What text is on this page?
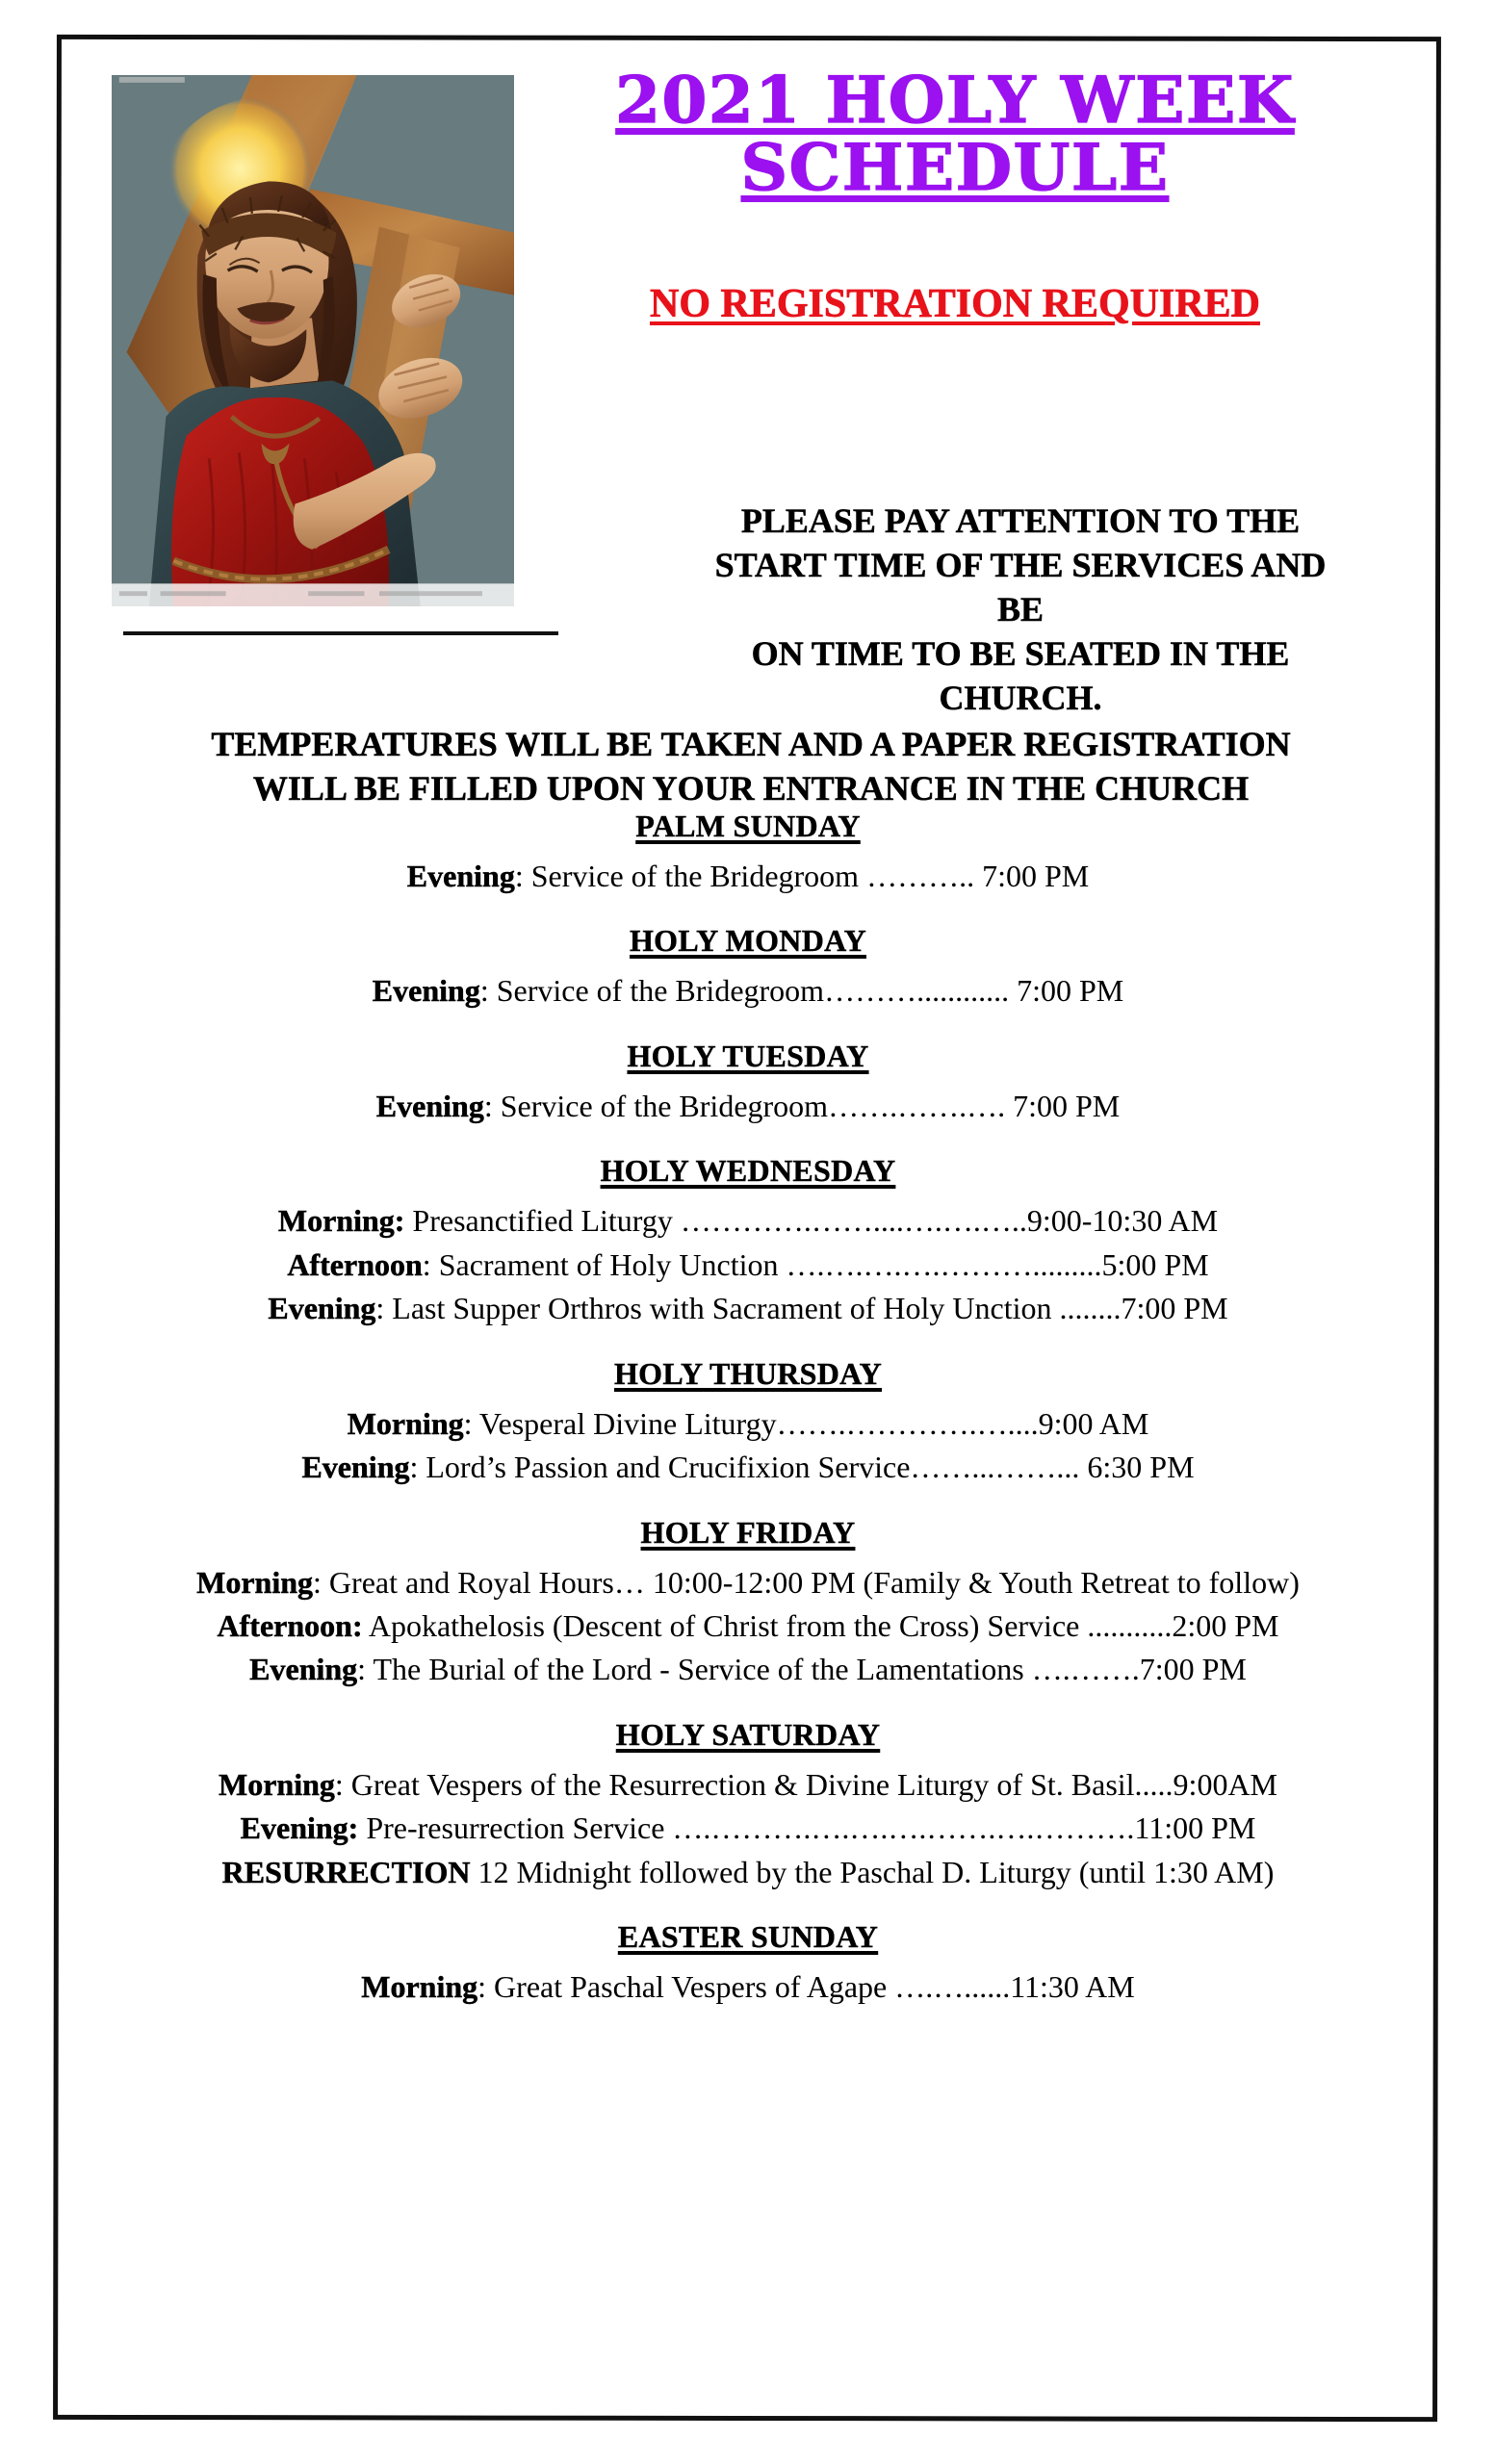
2021 HOLY WEEK
SCHEDULE
NO REGISTRATION REQUIRED
PLEASE PAY ATTENTION TO THE
START TIME OF THE SERVICES AND BE
ON TIME TO BE SEATED IN THE CHURCH.
TEMPERATURES WILL BE TAKEN AND A PAPER REGISTRATION
WILL BE FILLED UPON YOUR ENTRANCE IN THE CHURCH
PALM SUNDAY
Evening: Service of the Bridegroom ……….. 7:00 PM
HOLY MONDAY
Evening: Service of the Bridegroom………............ 7:00 PM
HOLY TUESDAY
Evening: Service of the Bridegroom…….…….…. 7:00 PM
HOLY WEDNESDAY
Morning: Presanctified Liturgy ………….……....….….…..9:00-10:30 AM
Afternoon: Sacrament of Holy Unction ….….….….……….........5:00 PM
Evening: Last Supper Orthros with Sacrament of Holy Unction ........7:00 PM
HOLY THURSDAY
Morning: Vesperal Divine Liturgy…….………….…....9:00 AM
Evening: Lord’s Passion and Crucifixion Service……...……... 6:30 PM
HOLY FRIDAY
Morning: Great and Royal Hours… 10:00-12:00 PM (Family & Youth Retreat to follow)
Afternoon: Apokathelosis (Descent of Christ from the Cross) Service ...........2:00 PM
Evening: The Burial of the Lord - Service of the Lamentations ….…….7:00 PM
HOLY SATURDAY
Morning: Great Vespers of the Resurrection & Divine Liturgy of St. Basil.....9:00AM
Evening: Pre-resurrection Service ….……….….….….…….….……….11:00 PM
RESURRECTION 12 Midnight followed by the Paschal D. Liturgy (until 1:30 AM)
EASTER SUNDAY
Morning: Great Paschal Vespers of Agape ….…......11:30 AM
